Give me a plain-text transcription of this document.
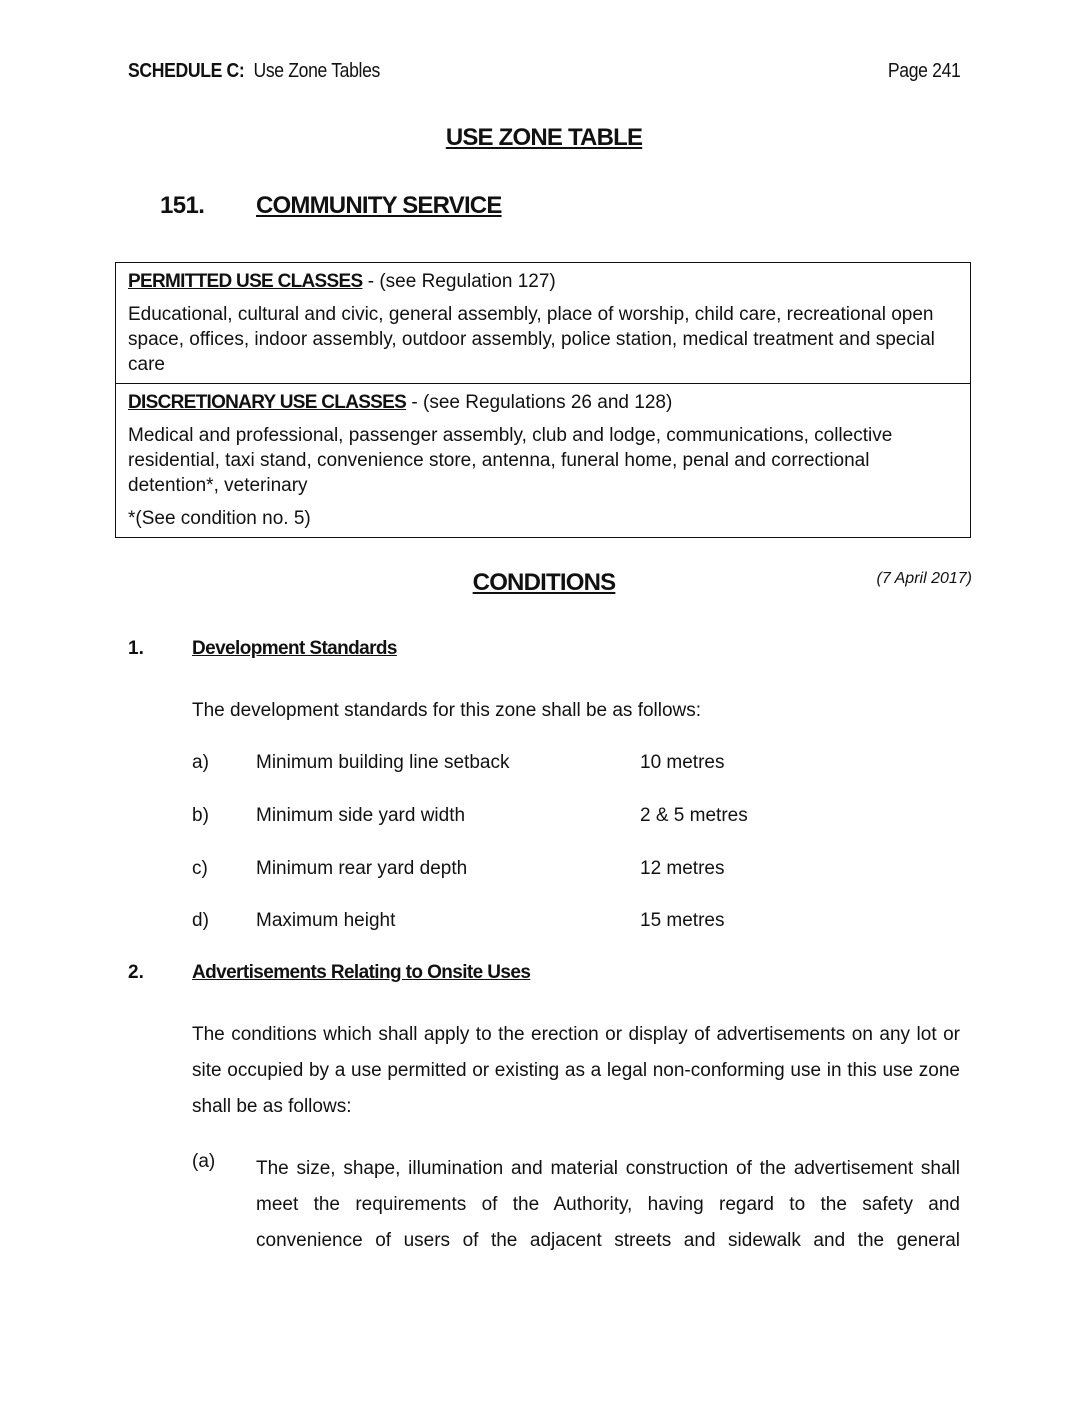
SCHEDULE C: Use Zone Tables	Page 241
USE ZONE TABLE
151. COMMUNITY SERVICE
PERMITTED USE CLASSES - (see Regulation 127)

Educational, cultural and civic, general assembly, place of worship, child care, recreational open space, offices, indoor assembly, outdoor assembly, police station, medical treatment and special care

DISCRETIONARY USE CLASSES - (see Regulations 26 and 128)

Medical and professional, passenger assembly, club and lodge, communications, collective residential, taxi stand, convenience store, antenna, funeral home, penal and correctional detention*, veterinary

*(See condition no. 5)
CONDITIONS	(7 April 2017)
1.	Development Standards
The development standards for this zone shall be as follows:
a) Minimum building line setback	10 metres
b) Minimum side yard width	2 & 5 metres
c)	Minimum rear yard depth	12 metres
d) Maximum height	15 metres
2.	Advertisements Relating to Onsite Uses
The conditions which shall apply to the erection or display of advertisements on any lot or site occupied by a use permitted or existing as a legal non-conforming use in this use zone shall be as follows:
(a) The size, shape, illumination and material construction of the advertisement shall meet the requirements of the Authority, having regard to the safety and convenience of users of the adjacent streets and sidewalk and the general
